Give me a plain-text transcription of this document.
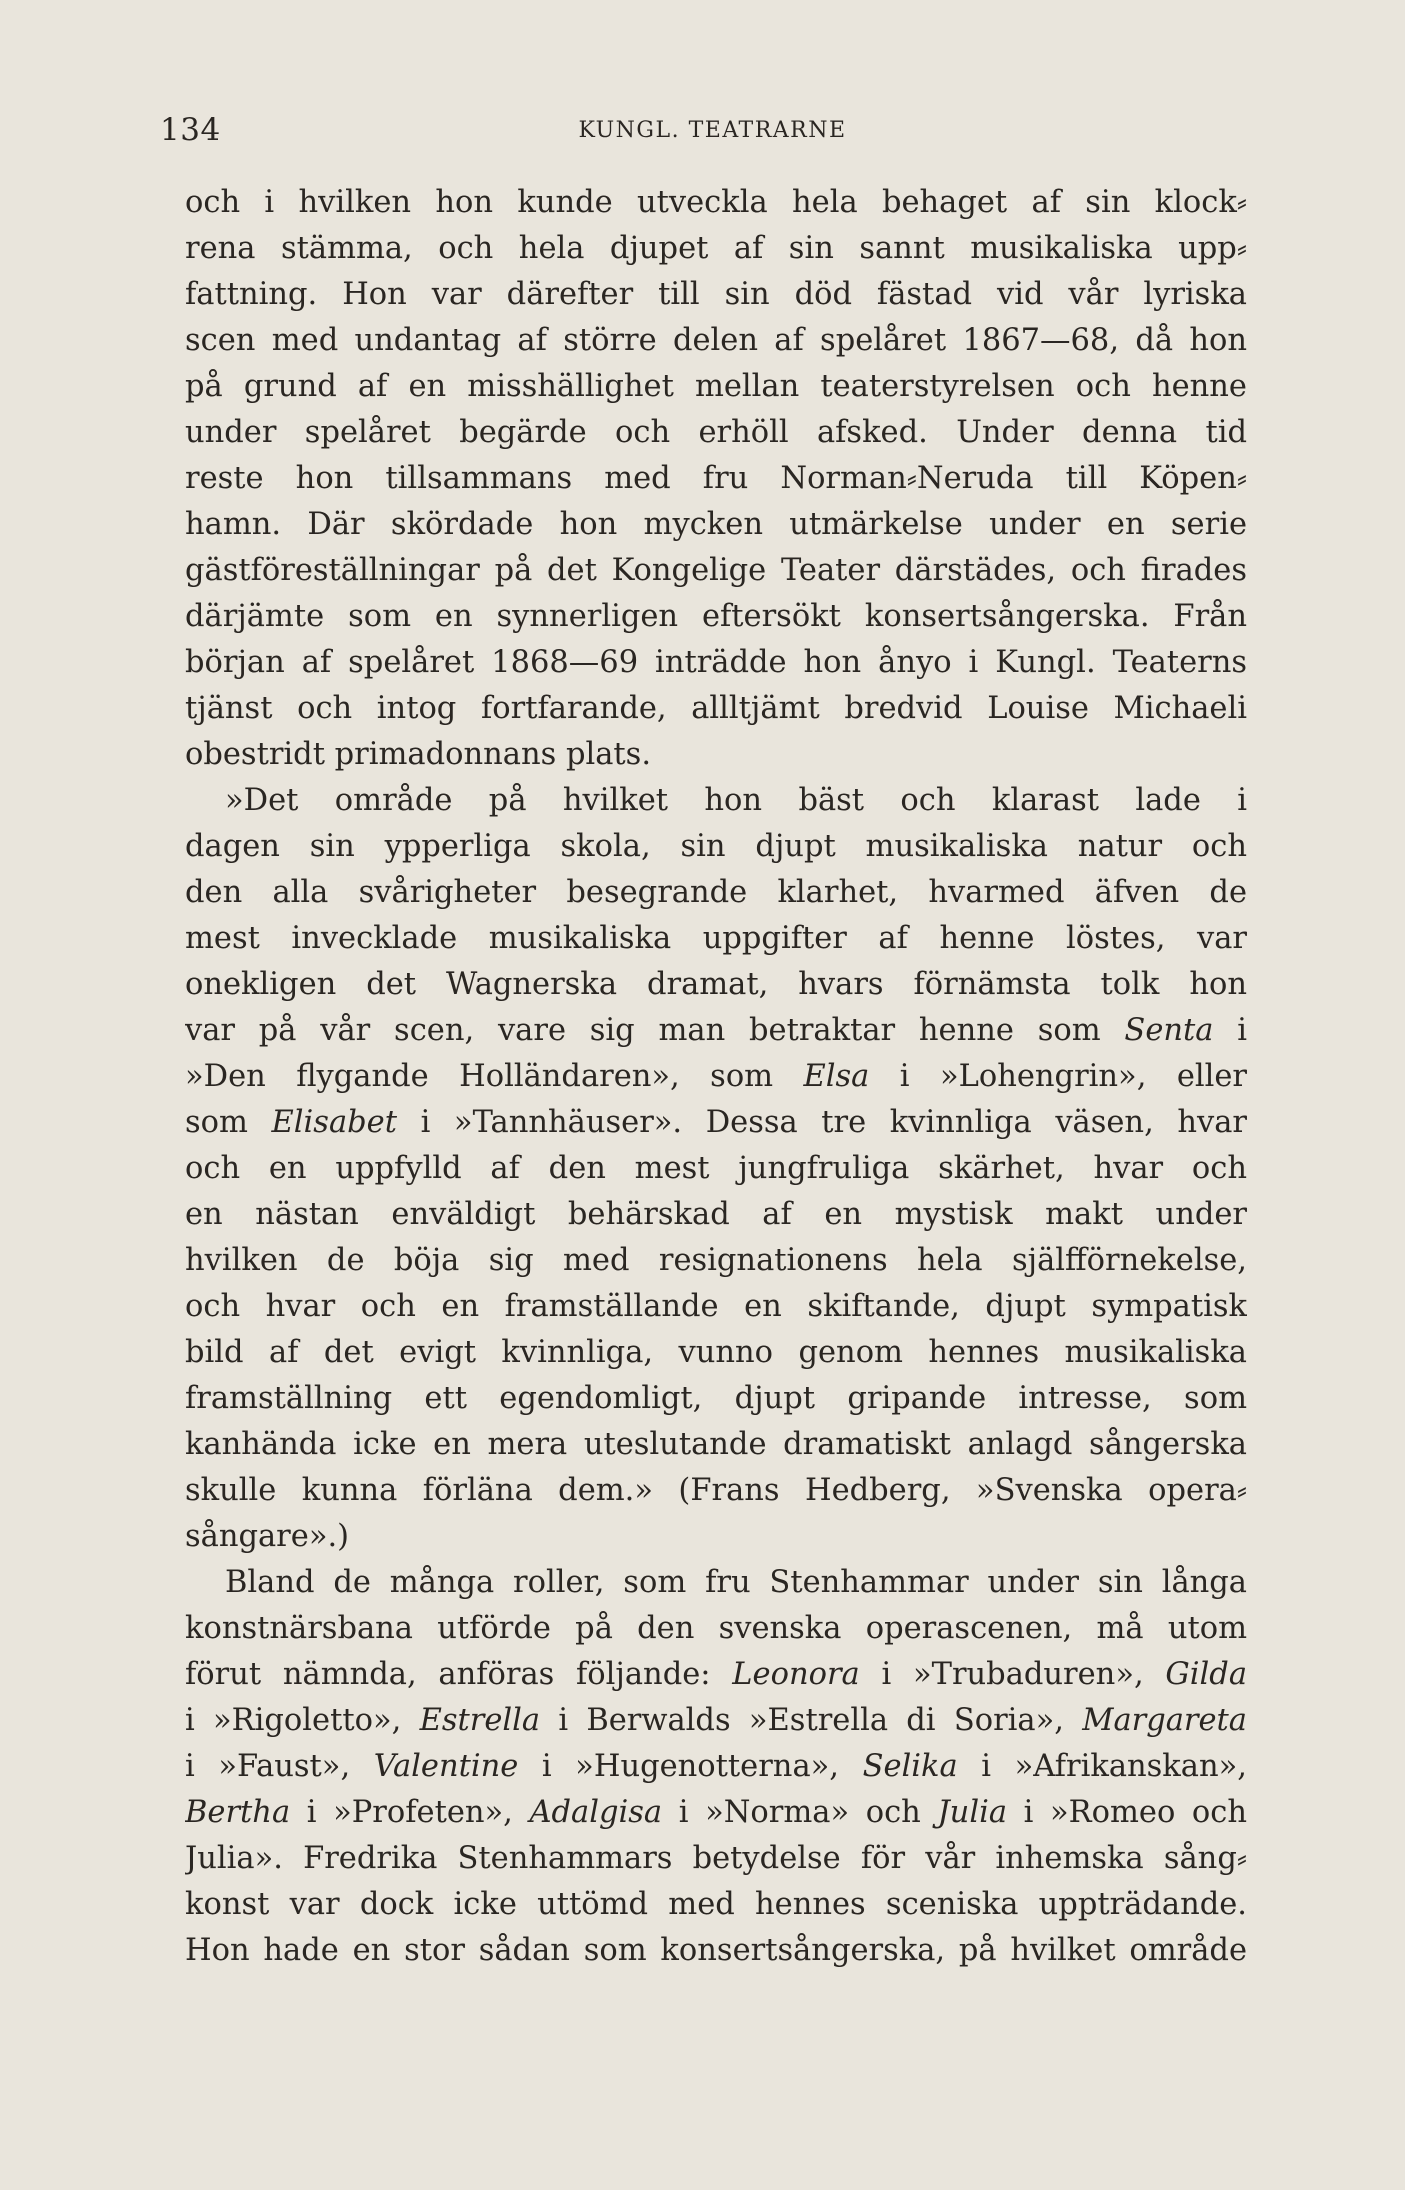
134	KUNGL. TEATRARNE
och i hvilken hon kunde utveckla hela behaget af sin klock⸗
rena stämma, och hela djupet af sin sannt musikaliska upp⸗
fattning. Hon var därefter till sin död fästad vid vår lyriska
scen med undantag af större delen af spelåret 1867—68, då hon
på grund af en misshällighet mellan teaterstyrelsen och henne
under spelåret begärde och erhöll afsked. Under denna tid
reste hon tillsammans med fru Norman⸗Neruda till Köpen⸗
hamn. Där skördade hon mycken utmärkelse under en serie
gästföreställningar på det Kongelige Teater därstädes, och firades
därjämte som en synnerligen eftersökt konsertsångerska. Från
början af spelåret 1868—69 inträdde hon ånyo i Kungl. Teaterns
tjänst och intog fortfarande, allltjämt bredvid Louise Michaeli
obestridt primadonnans plats.
»Det område på hvilket hon bäst och klarast lade i
dagen sin ypperliga skola, sin djupt musikaliska natur och
den alla svårigheter besegrande klarhet, hvarmed äfven de
mest invecklade musikaliska uppgifter af henne löstes, var
onekligen det Wagnerska dramat, hvars förnämsta tolk hon
var på vår scen, vare sig man betraktar henne som Senta i
»Den flygande Holländaren», som Elsa i »Lohengrin», eller
som Elisabet i »Tannhäuser». Dessa tre kvinnliga väsen, hvar
och en uppfylld af den mest jungfruliga skärhet, hvar och
en nästan enväldigt behärskad af en mystisk makt under
hvilken de böja sig med resignationens hela själfförnekelse,
och hvar och en framställande en skiftande, djupt sympatisk
bild af det evigt kvinnliga, vunno genom hennes musikaliska
framställning ett egendomligt, djupt gripande intresse, som
kanhända icke en mera uteslutande dramatiskt anlagd sångerska
skulle kunna förläna dem.» (Frans Hedberg, »Svenska opera⸗
sångare».)
Bland de många roller, som fru Stenhammar under sin långa
konstnärsbana utförde på den svenska operascenen, må utom
förut nämnda, anföras följande: Leonora i »Trubaduren», Gilda
i »Rigoletto», Estrella i Berwalds »Estrella di Soria», Margareta
i »Faust», Valentine i »Hugenotterna», Selika i »Afrikanskan»,
Bertha i »Profeten», Adalgisa i »Norma» och Julia i »Romeo och
Julia». Fredrika Stenhammars betydelse för vår inhemska sång⸗
konst var dock icke uttömd med hennes sceniska uppträdande.
Hon hade en stor sådan som konsertsångerska, på hvilket område
